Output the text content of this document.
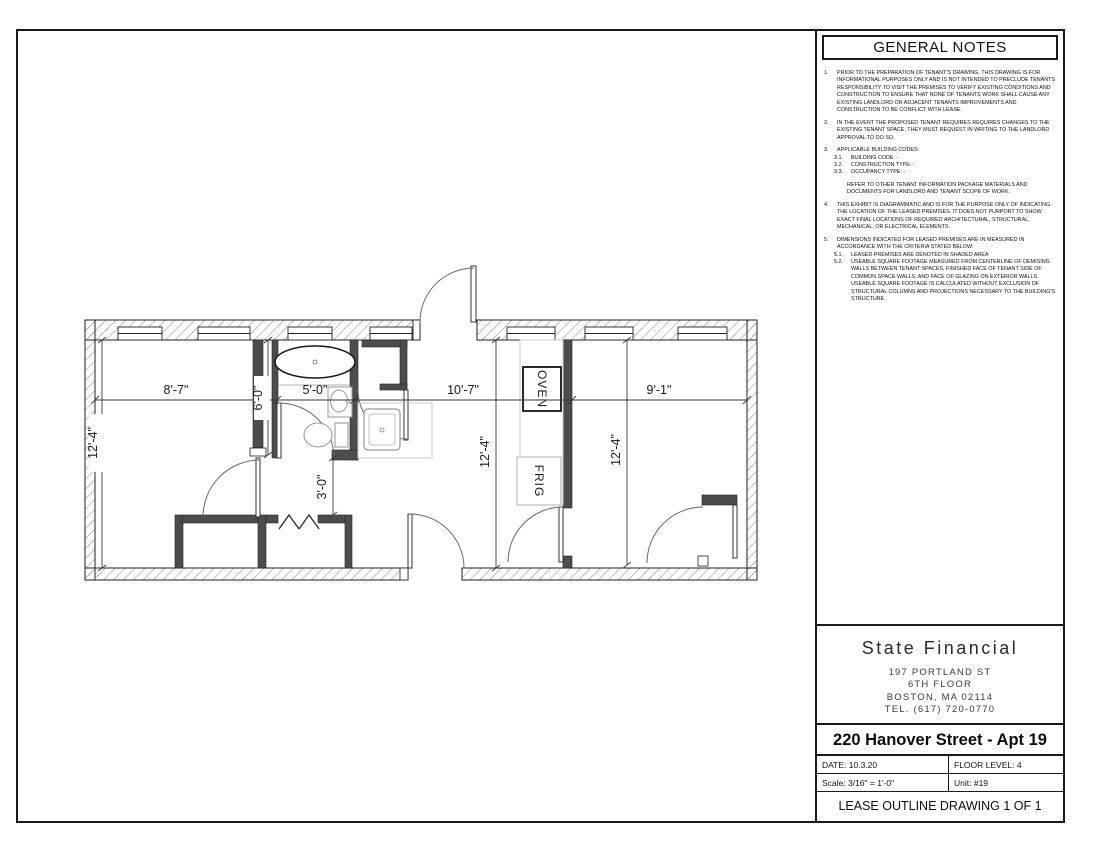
OVEN
FRIG
8'-7"	5'-0"	10'-7"	9'-1"
6'-0"
12'-4"	12'-4"	12'-4"
3'-0"
GENERAL NOTES
1.	PRIOR TO THE PREPARATION OF TENANT'S DRAWING. THIS DRAWING IS FOR INFORMATIONAL PURPOSES ONLY AND IS NOT INTENDED TO PRECLUDE TENANTS RESPONSIBILITY TO VISIT THE PREMISES TO VERIFY EXISTING CONDITIONS AND CONSTRUCTION TO ENSURE THAT NONE OF TENANTS WORK SHALL CAUSE ANY EXISTING LANDLORD OR ADJACENT TENANTS IMPROVEMENTS AND CONSTRUCTION TO BE CONFLICT WITH LEASE.
2.	IN THE EVENT THE PROPOSED TENANT REQUIRES REQUIRES CHANGES TO THE EXISTING TENANT SPACE, THEY MUST REQUEST IN WRITING TO THE LANDLORD APPROVAL TO DO SO.
3.	APPLICABLE BUILDING CODES:
3.1.	BUILDING CODE: -
3.2.	CONSTRUCTION TYPE: -
3.3.	OCCUPANCY TYPE: -
REFER TO OTHER TENANT INFORMATION PACKAGE MATERIALS AND DOCUMENTS FOR LANDLORD AND TENANT SCOPE OF WORK.
4.	THIS EXHIBIT IS DIAGRAMMATIC AND IS FOR THE PURPOSE ONLY OF INDICATING THE LOCATION OF THE LEASED PREMISES. IT DOES NOT PURPORT TO SHOW EXACT FINAL LOCATIONS OF REQUIRED ARCHITECTURAL, STRUCTURAL, MECHANICAL, OR ELECTRICAL ELEMENTS.
5.	DIMENSIONS INDICATED FOR LEASED PREMISES ARE IN MEASURED IN ACCORDANCE WITH THE CRITERIA STATED BELOW:
5.1.	LEASED PREMISES ARE DENOTED IN SHADED AREA
5.2.	USEABLE SQUARE FOOTAGE MEASURED FROM CENTERLINE OF DEMISING WALLS BETWEEN TENANT SPACES, FINISHED FACE OF TENANT SIDE OF COMMON SPACE WALLS, AND FACE OF GLAZING ON EXTERIOR WALLS. USEABLE SQUARE FOOTAGE IS CALCULATED WITHOUT EXCLUSION OF STRUCTURAL COLUMNS AND PROJECTIONS NECESSARY TO THE BUILDING'S STRUCTURE.
State Financial
197 PORTLAND ST
6TH FLOOR
BOSTON, MA 02114
TEL. (617) 720-0770
220 Hanover Street - Apt 19
DATE: 10.3.20	FLOOR LEVEL: 4
Scale: 3/16" = 1'-0"	Unit: #19
LEASE OUTLINE DRAWING 1 OF 1
